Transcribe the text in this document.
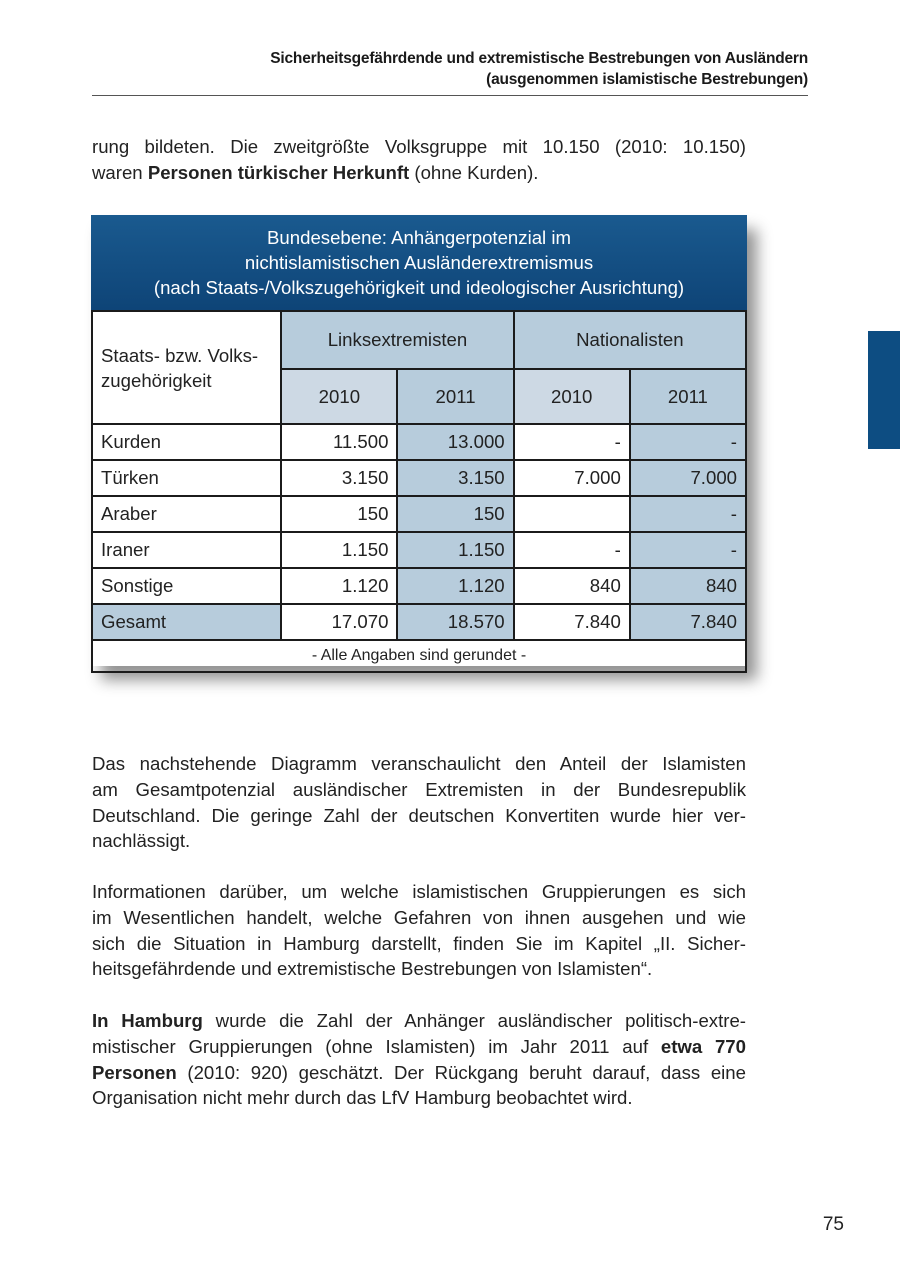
Sicherheitsgefährdende und extremistische Bestrebungen von Ausländern
(ausgenommen islamistische Bestrebungen)
rung bildeten. Die zweitgrößte Volksgruppe mit 10.150 (2010: 10.150)
waren Personen türkischer Herkunft (ohne Kurden).
Bundesebene: Anhängerpotenzial im
nichtislamistischen Ausländerextremismus
(nach Staats-/Volkszugehörigkeit und ideologischer Ausrichtung)
Staats- bzw. Volks-
zugehörigkeit	Linksextremisten		Nationalisten	
	2010	2011	2010	2011
Kurden	11.500	13.000	-	-
Türken	3.150	3.150	7.000	7.000
Araber	150	150		-
Iraner	1.150	1.150	-	-
Sonstige	1.120	1.120	840	840
Gesamt	17.070	18.570	7.840	7.840
- Alle Angaben sind gerundet -				
Das nachstehende Diagramm veranschaulicht den Anteil der Islamisten
am Gesamtpotenzial ausländischer Extremisten in der Bundesrepublik
Deutschland. Die geringe Zahl der deutschen Konvertiten wurde hier ver-
nachlässigt.
Informationen darüber, um welche islamistischen Gruppierungen es sich
im Wesentlichen handelt, welche Gefahren von ihnen ausgehen und wie
sich die Situation in Hamburg darstellt, finden Sie im Kapitel „II. Sicher-
heitsgefährdende und extremistische Bestrebungen von Islamisten“.
In Hamburg wurde die Zahl der Anhänger ausländischer politisch-extre-
mistischer Gruppierungen (ohne Islamisten) im Jahr 2011 auf etwa 770
Personen (2010: 920) geschätzt. Der Rückgang beruht darauf, dass eine
Organisation nicht mehr durch das LfV Hamburg beobachtet wird.
75
